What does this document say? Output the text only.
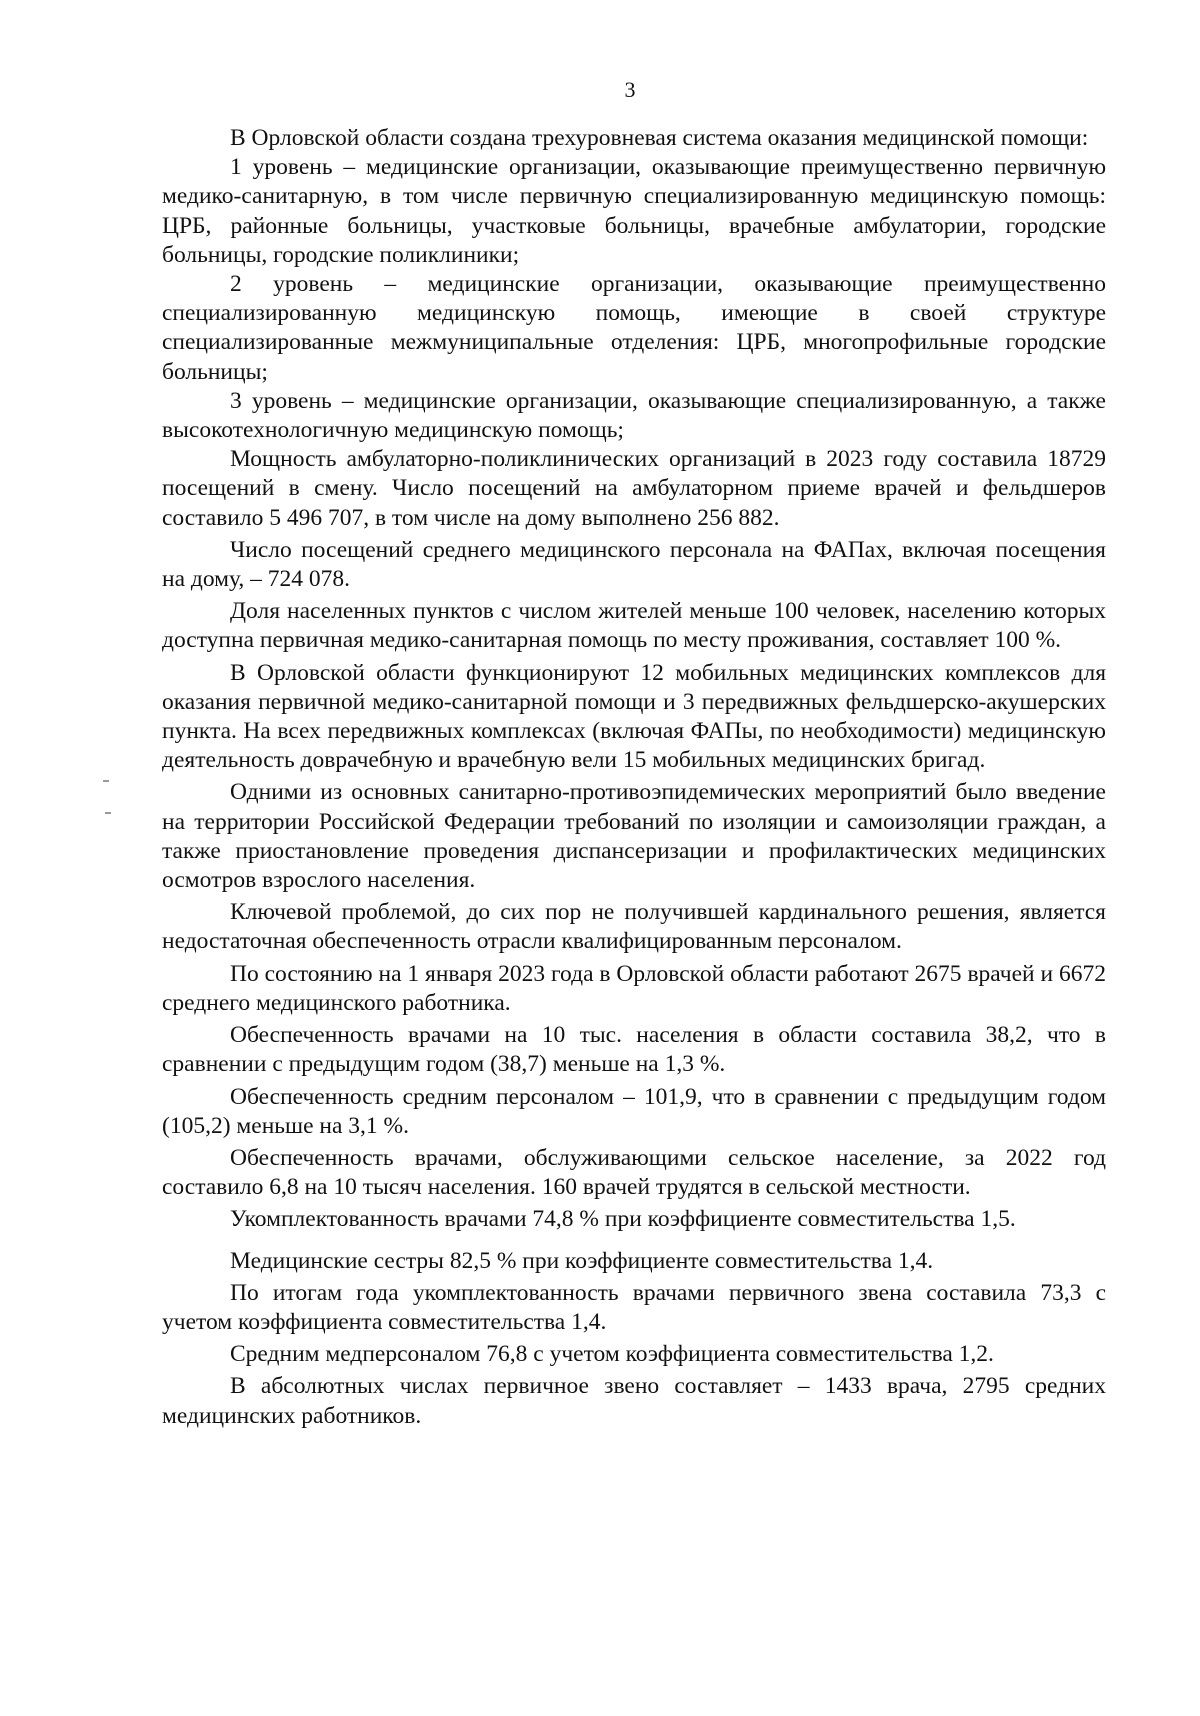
3

В Орловской области создана трехуровневая система оказания медицинской помощи:

1 уровень – медицинские организации, оказывающие преимущественно первичную медико-санитарную, в том числе первичную специализированную медицинскую помощь: ЦРБ, районные больницы, участковые больницы, врачебные амбулатории, городские больницы, городские поликлиники;

2 уровень – медицинские организации, оказывающие преимущественно специализированную медицинскую помощь, имеющие в своей структуре специализированные межмуниципальные отделения: ЦРБ, многопрофильные городские больницы;

3 уровень – медицинские организации, оказывающие специализированную, а также высокотехнологичную медицинскую помощь;

Мощность амбулаторно-поликлинических организаций в 2023 году составила 18729 посещений в смену. Число посещений на амбулаторном приеме врачей и фельдшеров составило 5 496 707, в том числе на дому выполнено 256 882.

Число посещений среднего медицинского персонала на ФАПах, включая посещения на дому, – 724 078.

Доля населенных пунктов с числом жителей меньше 100 человек, населению которых доступна первичная медико-санитарная помощь по месту проживания, составляет 100 %.

В Орловской области функционируют 12 мобильных медицинских комплексов для оказания первичной медико-санитарной помощи и 3 передвижных фельдшерско-акушерских пункта. На всех передвижных комплексах (включая ФАПы, по необходимости) медицинскую деятельность доврачебную и врачебную вели 15 мобильных медицинских бригад.

Одними из основных санитарно-противоэпидемических мероприятий было введение на территории Российской Федерации требований по изоляции и самоизоляции граждан, а также приостановление проведения диспансеризации и профилактических медицинских осмотров взрослого населения.

Ключевой проблемой, до сих пор не получившей кардинального решения, является недостаточная обеспеченность отрасли квалифицированным персоналом.

По состоянию на 1 января 2023 года в Орловской области работают 2675 врачей и 6672 среднего медицинского работника.

Обеспеченность врачами на 10 тыс. населения в области составила 38,2, что в сравнении с предыдущим годом (38,7) меньше на 1,3 %.

Обеспеченность средним персоналом – 101,9, что в сравнении с предыдущим годом (105,2) меньше на 3,1 %.

Обеспеченность врачами, обслуживающими сельское население, за 2022 год составило 6,8 на 10 тысяч населения. 160 врачей трудятся в сельской местности.

Укомплектованность врачами 74,8 % при коэффициенте совместительства 1,5.

Медицинские сестры 82,5 % при коэффициенте совместительства 1,4.

По итогам года укомплектованность врачами первичного звена составила 73,3 с учетом коэффициента совместительства 1,4.

Средним медперсоналом 76,8 с учетом коэффициента совместительства 1,2.

В абсолютных числах первичное звено составляет – 1433 врача, 2795 средних медицинских работников.
